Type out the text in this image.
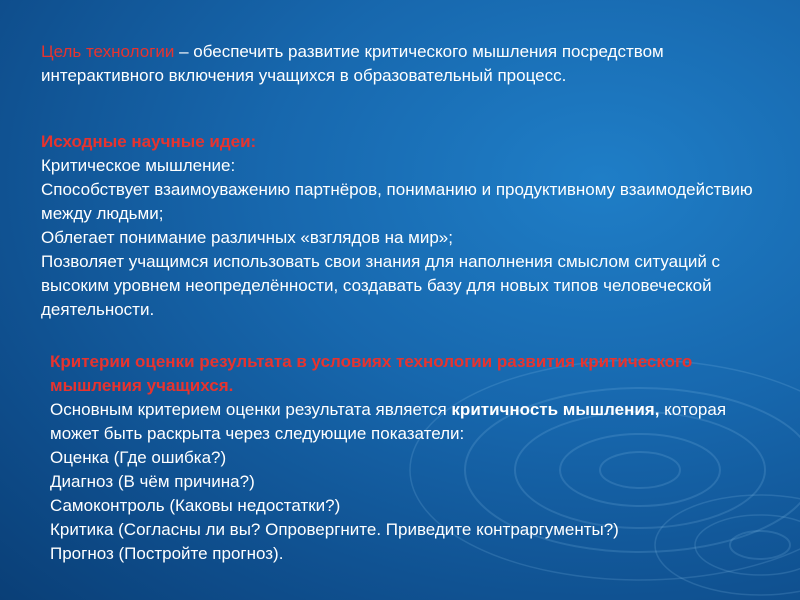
Цель технологии – обеспечить развитие критического мышления посредством интерактивного включения учащихся в образовательный процесс.

Исходные научные идеи:

Критическое мышление:

Способствует взаимоуважению партнёров, пониманию и продуктивному взаимодействию между людьми;

Облегает понимание различных «взглядов на мир»;

Позволяет учащимся использовать свои знания для наполнения смыслом ситуаций с высоким уровнем неопределённости, создавать базу для новых типов человеческой деятельности.

Критерии оценки результата в условиях технологии развития критического мышления учащихся.

Основным критерием оценки результата является критичность мышления, которая может быть раскрыта через следующие показатели:

Оценка (Где ошибка?)

Диагноз (В чём причина?)

Самоконтроль (Каковы недостатки?)

Критика (Согласны ли вы? Опровергните. Приведите контраргументы?)

Прогноз (Постройте прогноз).
